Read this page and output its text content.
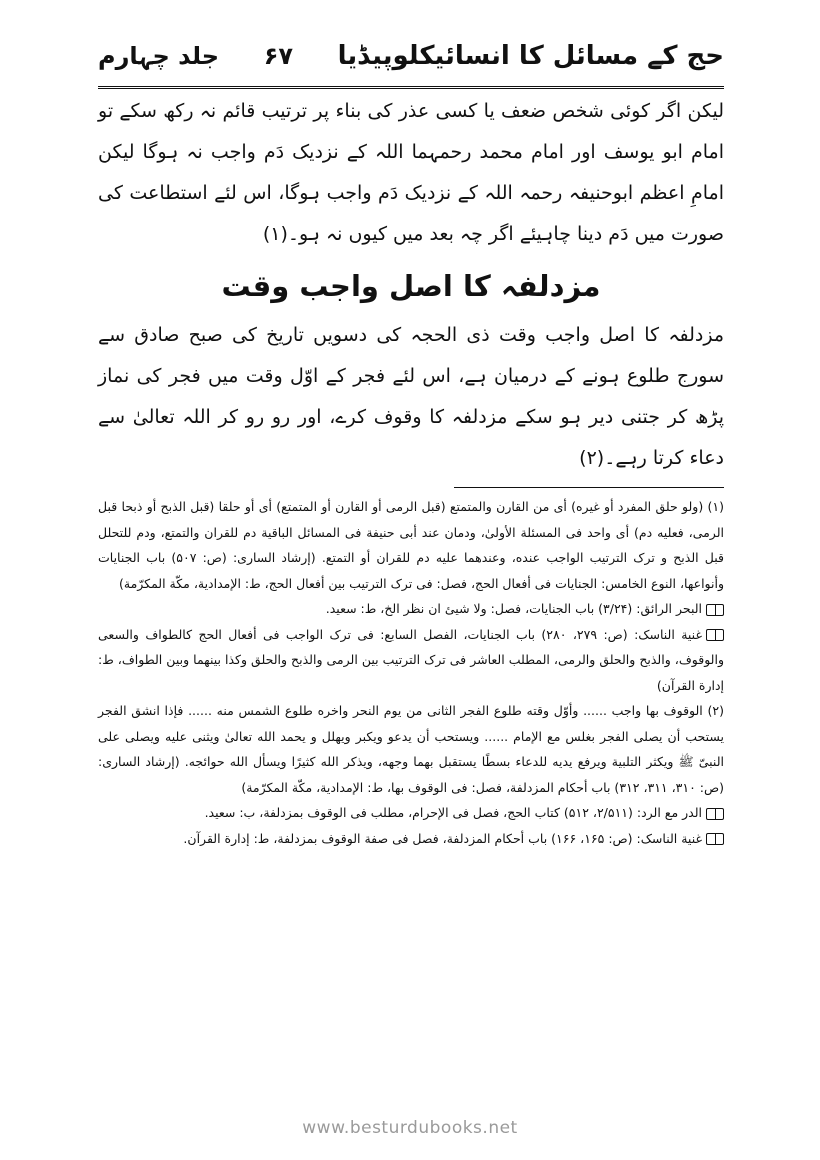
حج کے مسائل کا انسائیکلوپیڈیا
۶۷
جلد چہارم

لیکن اگر کوئی شخص ضعف یا کسی عذر کی بناء پر ترتیب قائم نہ رکھ سکے تو امام ابو یوسف اور امام محمد رحمہما اللہ کے نزدیک دَم واجب نہ ہوگا لیکن امامِ اعظم ابوحنیفہ رحمہ اللہ کے نزدیک دَم واجب ہوگا، اس لئے استطاعت کی صورت میں دَم دینا چاہیئے اگر چہ بعد میں کیوں نہ ہو۔(۱)

مزدلفہ کا اصل واجب وقت

مزدلفہ کا اصل واجب وقت ذی الحجہ کی دسویں تاریخ کی صبح صادق سے سورج طلوع ہونے کے درمیان ہے، اس لئے فجر کے اوّل وقت میں فجر کی نماز پڑھ کر جتنی دیر ہو سکے مزدلفہ کا وقوف کرے، اور رو رو کر اللہ تعالیٰ سے دعاء کرتا رہے۔(۲)

(۱) (ولو حلق المفرد أو غيره) أى من القارن والمتمتع (قبل الرمى أو القارن أو المتمتع) أى أو حلقا (قبل الذبح أو ذبحا قبل الرمى، فعليه دم) أى واحد فى المسئلة الأولىٰ، ودمان عند أبى حنيفة فى المسائل الباقية دم للقران والتمتع، ودم للتحلل قبل الذبح و ترک الترتيب الواجب عنده، وعندهما عليه دم للقران أو التمتع. (إرشاد السارى: (ص: ۵۰۷) باب الجنايات وأنواعها، النوع الخامس: الجنايات فى أفعال الحج، فصل: فى ترک الترتيب بين أفعال الحج، ط: الإمدادية، مكّة المكرّمة)

البحر الرائق: (۳/۲۴) باب الجنايات، فصل: ولا شيئ ان نظر الخ، ط: سعيد.

غنية الناسک: (ص: ۲۷۹، ۲۸۰) باب الجنايات، الفصل السابع: فى ترک الواجب فى أفعال الحج كالطواف والسعى والوقوف، والذبح والحلق والرمى، المطلب العاشر فى ترک الترتيب بين الرمى والذبح والحلق وكذا بينهما وبين الطواف، ط: إدارة القرآن)

(۲) الوقوف بها واجب ...... وأوّل وقته طلوع الفجر الثانى من يوم النحر واخره طلوع الشمس منه ...... فإذا انشق الفجر يستحب أن يصلى الفجر بغلس مع الإمام ...... ويستحب أن يدعو ويكبر ويهلل و يحمد الله تعالىٰ ويثنى عليه ويصلى على النبىّ ﷺ ويكثر التلبية ويرفع يديه للدعاء بسطًا يستقبل بهما وجهه، ويذكر الله كثيرًا ويسأل الله حوائجه. (إرشاد السارى: (ص: ۳۱۰، ۳۱۱، ۳۱۲) باب أحكام المزدلفة، فصل: فى الوقوف بها، ط: الإمدادية، مكّة المكرّمة)

الدر مع الرد: (۲/۵۱۱، ۵۱۲) كتاب الحج، فصل فى الإحرام، مطلب فى الوقوف بمزدلفة، ب: سعيد.

غنية الناسک: (ص: ۱۶۵، ۱۶۶) باب أحكام المزدلفة، فصل فى صفة الوقوف بمزدلفة، ط: إدارة القرآن.

www.besturdubooks.net
